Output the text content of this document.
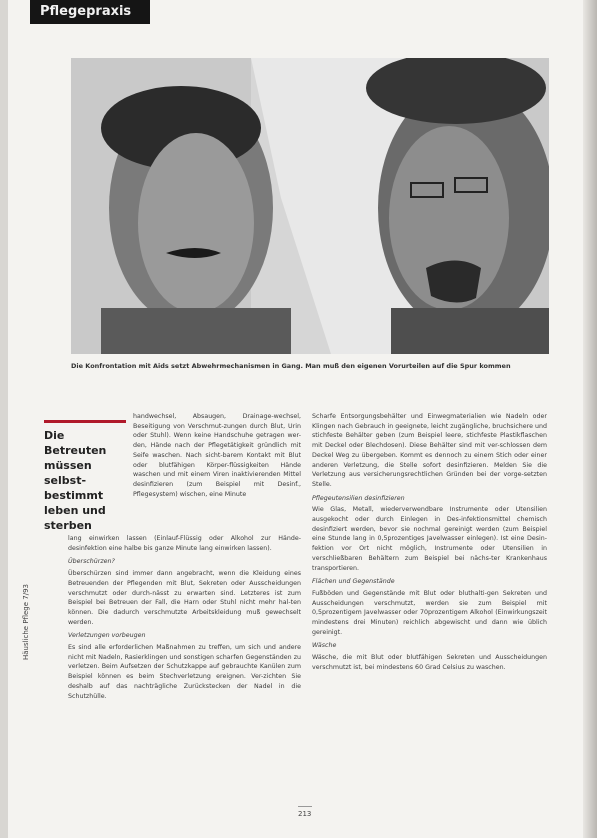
Pflegepraxis
Die Konfrontation mit Aids setzt Abwehrmechanismen in Gang. Man muß den eigenen Vorurteilen auf die Spur kommen
Die Betreuten müssen selbst-bestimmt leben und sterben
Häusliche Pflege 7/93

handwechsel, Absaugen, Drainage-wechsel, Beseitigung von Verschmut-zungen durch Blut, Urin oder Stuhl). Wenn keine Handschuhe getragen wer-den, Hände nach der Pflegetätigkeit gründlich mit Seife waschen. Nach sicht-barem Kontakt mit Blut oder blutfähigen Körper-flüssigkeiten Hände waschen und mit einem Viren inaktivierenden Mittel desinfizieren (zum Beispiel mit Desinf., Pflegesystem) wischen, eine Minute

lang einwirken lassen (Einlauf-Flüssig oder Alkohol zur Hände-desinfektion eine halbe bis ganze Minute lang einwirken lassen).

Überschürzen?

Überschürzen sind immer dann angebracht, wenn die Kleidung eines Betreuenden der Pflegenden mit Blut, Sekreten oder Ausscheidungen verschmutzt oder durch-nässt zu erwarten sind. Letzteres ist zum Beispiel bei Betreuen der Fall, die Harn oder Stuhl nicht mehr hal-ten können. Die dadurch verschmutzte Arbeitskleidung muß gewechselt werden.

Verletzungen vorbeugen

Es sind alle erforderlichen Maßnahmen zu treffen, um sich und andere nicht mit Nadeln, Rasierklingen und sonstigen scharfen Gegenständen zu verletzen. Beim Aufsetzen der Schutzkappe auf gebrauchte Kanülen zum Beispiel können es beim Stechverletzung ereignen. Ver-zichten Sie deshalb auf das nachträgliche Zurückstecken der Nadel in die Schutzhülle.

Scharfe Entsorgungsbehälter und Einwegmaterialien wie Nadeln oder Klingen nach Gebrauch in geeignete, leicht zugängliche, bruchsichere und stichfeste Behälter geben (zum Beispiel leere, stichfeste Plastikflaschen mit Deckel oder Blechdosen). Diese Behälter sind mit ver-schlossen dem Deckel Weg zu übergeben. Kommt es dennoch zu einem Stich oder einer anderen Verletzung, die Stelle sofort desinfizieren. Melden Sie die Verletzung aus versicherungsrechtlichen Gründen bei der vorge-setzten Stelle.

Pflegeutensilien desinfizieren

Wie Glas, Metall, wiederverwendbare Instrumente oder Utensilien ausgekocht oder durch Einlegen in Des-infektionsmittel chemisch desinfiziert werden, bevor sie nochmal gereinigt werden (zum Beispiel eine Stunde lang in 0,5prozentiges Javelwasser einlegen). Ist eine Desin-fektion vor Ort nicht möglich, Instrumente oder Utensilien in verschließbaren Behältern zum Beispiel bei nächs-ter Krankenhaus transportieren.

Flächen und Gegenstände

Fußböden und Gegenstände mit Blut oder bluthalti-gen Sekreten und Ausscheidungen verschmutzt, werden sie zum Beispiel mit 0,5prozentigem Javelwasser oder 70prozentigem Alkohol (Einwirkungszeit mindestens drei Minuten) reichlich abgewischt und dann wie üblich gereinigt.

Wäsche

Wäsche, die mit Blut oder blutfähigen Sekreten und Ausscheidungen verschmutzt ist, bei mindestens 60 Grad Celsius zu waschen.

213
